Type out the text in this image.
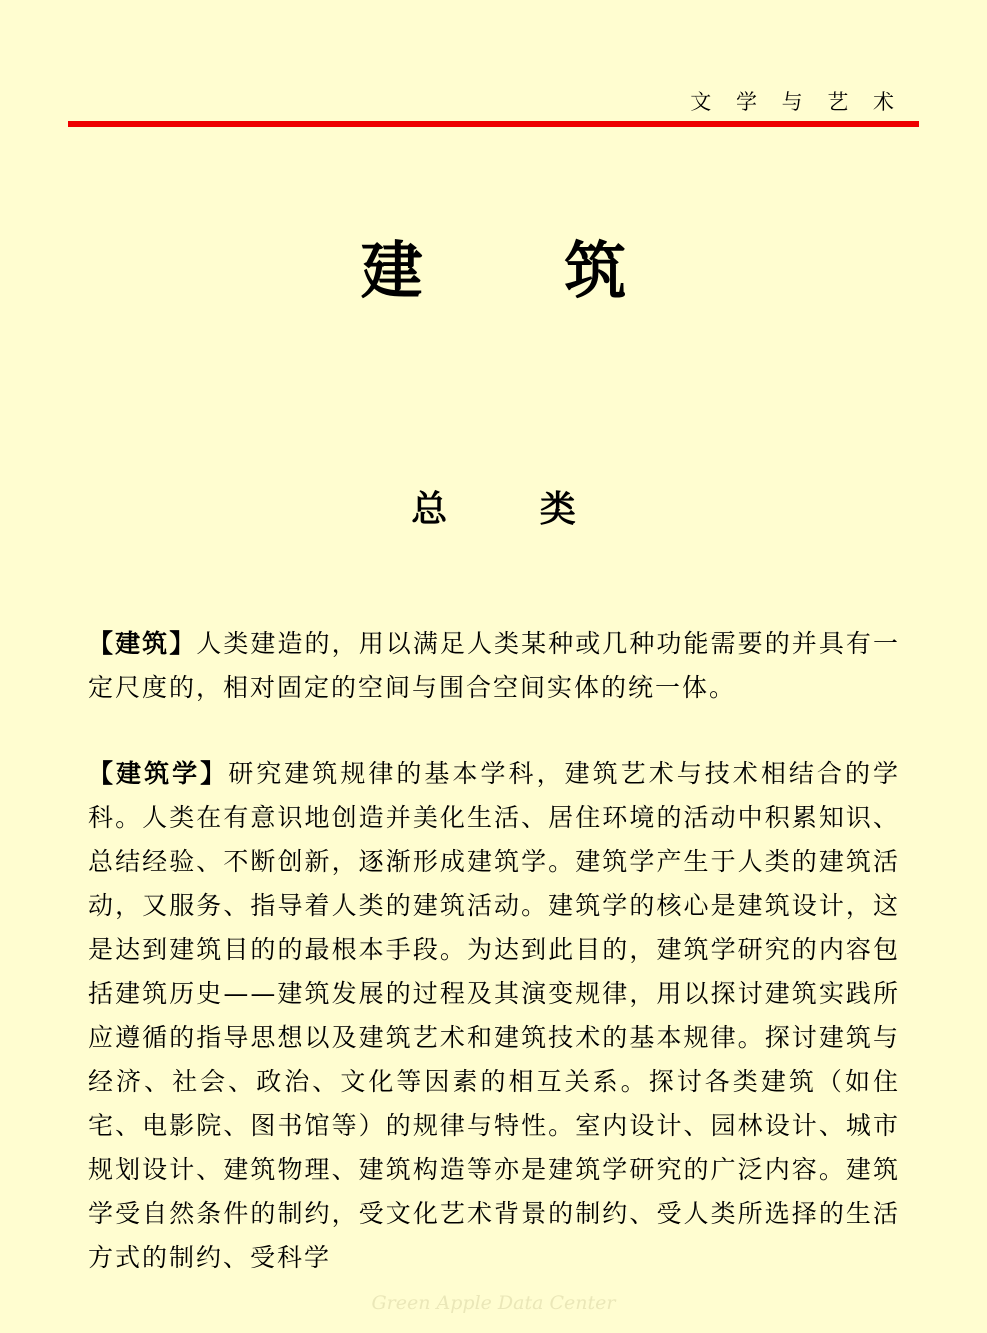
文 学 与 艺 术
建 筑
总 类

【建筑】人类建造的，用以满足人类某种或几种功能需要的并具有一定尺度的，相对固定的空间与围合空间实体的统一体。

【建筑学】研究建筑规律的基本学科，建筑艺术与技术相结合的学科。人类在有意识地创造并美化生活、居住环境的活动中积累知识、总结经验、不断创新，逐渐形成建筑学。建筑学产生于人类的建筑活动，又服务、指导着人类的建筑活动。建筑学的核心是建筑设计，这是达到建筑目的的最根本手段。为达到此目的，建筑学研究的内容包括建筑历史——建筑发展的过程及其演变规律，用以探讨建筑实践所应遵循的指导思想以及建筑艺术和建筑技术的基本规律。探讨建筑与经济、社会、政治、文化等因素的相互关系。探讨各类建筑（如住宅、电影院、图书馆等）的规律与特性。室内设计、园林设计、城市规划设计、建筑物理、建筑构造等亦是建筑学研究的广泛内容。建筑学受自然条件的制约，受文化艺术背景的制约、受人类所选择的生活方式的制约、受科学

Green Apple Data Center
